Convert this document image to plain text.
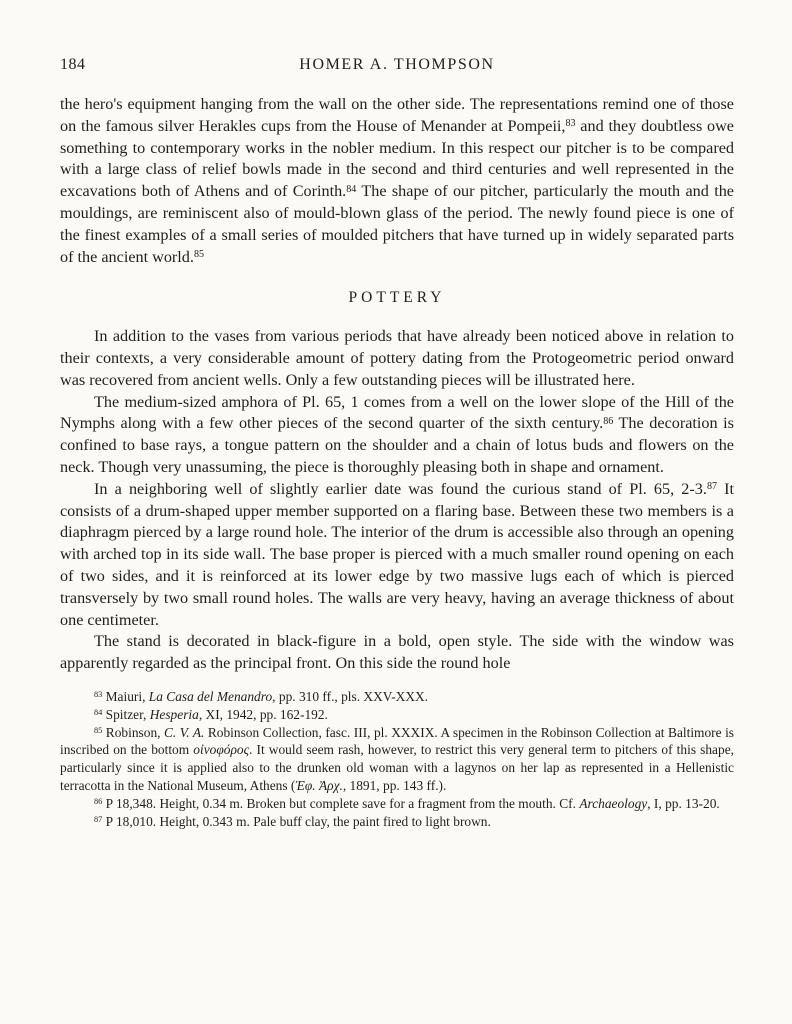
184	HOMER A. THOMPSON

the hero's equipment hanging from the wall on the other side. The representations remind one of those on the famous silver Herakles cups from the House of Menander at Pompeii,$^{83}$ and they doubtless owe something to contemporary works in the nobler medium. In this respect our pitcher is to be compared with a large class of relief bowls made in the second and third centuries and well represented in the excavations both of Athens and of Corinth.$^{84}$ The shape of our pitcher, particularly the mouth and the mouldings, are reminiscent also of mould-blown glass of the period. The newly found piece is one of the finest examples of a small series of moulded pitchers that have turned up in widely separated parts of the ancient world.$^{85}$

POTTERY

In addition to the vases from various periods that have already been noticed above in relation to their contexts, a very considerable amount of pottery dating from the Protogeometric period onward was recovered from ancient wells. Only a few outstanding pieces will be illustrated here.

The medium-sized amphora of Pl. 65, 1 comes from a well on the lower slope of the Hill of the Nymphs along with a few other pieces of the second quarter of the sixth century.$^{86}$ The decoration is confined to base rays, a tongue pattern on the shoulder and a chain of lotus buds and flowers on the neck. Though very unassuming, the piece is thoroughly pleasing both in shape and ornament.

In a neighboring well of slightly earlier date was found the curious stand of Pl. 65, 2-3.87 It consists of a drum-shaped upper member supported on a flaring base. Between these two members is a diaphragm pierced by a large round hole. The interior of the drum is accessible also through an opening with arched top in its side wall. The base proper is pierced with a much smaller round opening on each of two sides, and it is reinforced at its lower edge by two massive lugs each of which is pierced transversely by two small round holes. The walls are very heavy, having an average thickness of about one centimeter.

The stand is decorated in black-figure in a bold, open style. The side with the window was apparently regarded as the principal front. On this side the round hole

$^{83}$ Maiuri, La Casa del Menandro, pp. 310 ff., pls. XXV-XXX.

$^{84}$ Spitzer, Hesperia, XI, 1942, pp. 162-192.

$^{85}$ Robinson, C. V. A. Robinson Collection, fasc. III, pl. XXXIX. A specimen in the Robinson Collection at Baltimore is inscribed on the bottom οἰνοφόρος. It would seem rash, however, to restrict this very general term to pitchers of this shape, particularly since it is applied also to the drunken old woman with a lagynos on her lap as represented in a Hellenistic terracotta in the National Museum, Athens (Ἐφ. Ἀρχ., 1891, pp. 143 ff.).

$^{86}$ P 18,348. Height, 0.34 m. Broken but complete save for a fragment from the mouth. Cf. Archaeology, I, pp. 13-20.

$^{87}$ P 18,010. Height, 0.343 m. Pale buff clay, the paint fired to light brown.
